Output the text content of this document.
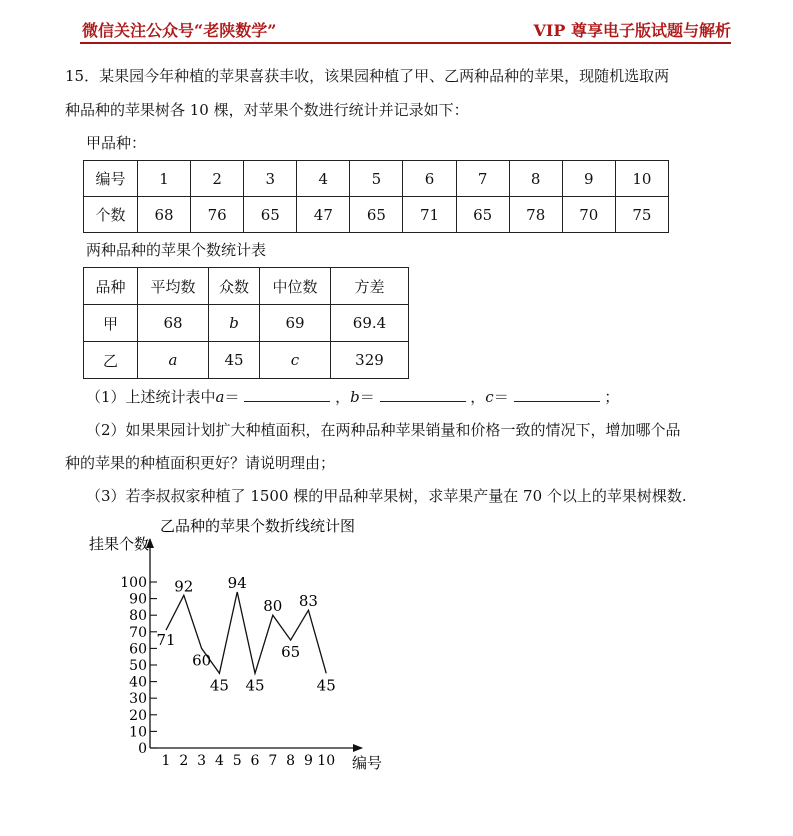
微信关注公众号“老陕数学”	VIP 尊享电子版试题与解析
15．某果园今年种植的苹果喜获丰收，该果园种植了甲、乙两种品种的苹果，现随机选取两
种品种的苹果树各 10 棵，对苹果个数进行统计并记录如下：
甲品种：
编号	1	2	3	4	5	6	7	8	9	10
个数	68	76	65	47	65	71	65	78	70	75
两种品种的苹果个数统计表
品种	平均数	众数	中位数	方差
甲	68	b	69	69.4
乙	a	45	c	329
（1）上述统计表中a＝	，b＝	，c＝	；
（2）如果果园计划扩大种植面积，在两种品种苹果销量和价格一致的情况下，增加哪个品
种的苹果的种植面积更好？请说明理由；
（3）若李叔叔家种植了 1500 棵的甲品种苹果树，求苹果产量在 70 个以上的苹果树棵数.
乙品种的苹果个数折线统计图
挂果个数
编号
0
10
20
30
40
50
60
70
80
90
100
1 2 3 4 5 6 7 8 9 10
71
92
60
45
94
45
80
65
83
45
